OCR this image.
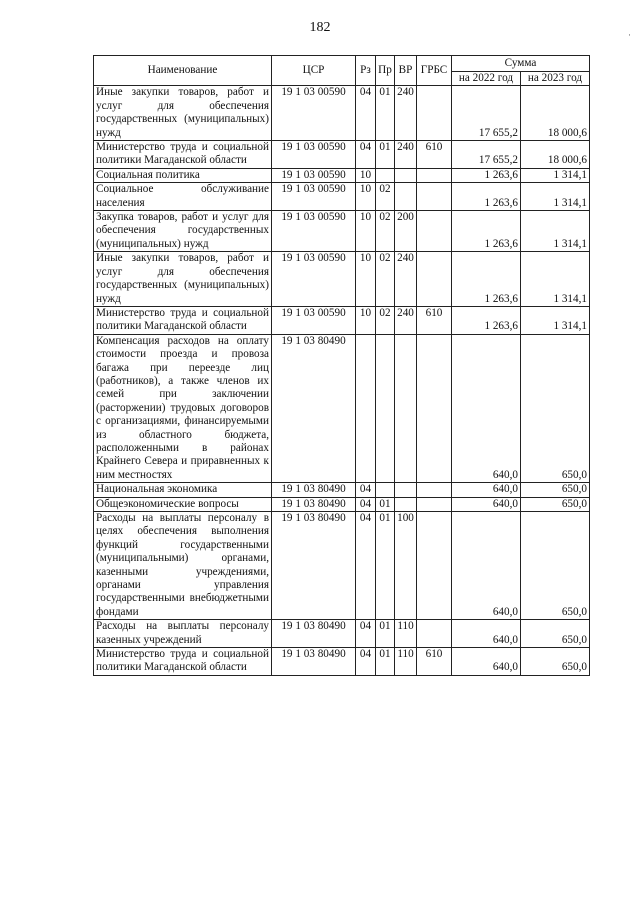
182	·
Наименование	ЦСР	Рз	Пр	ВР	ГРБС	Сумма	
						на 2022 год	на 2023 год
Иные закупки товаров, работ и услуг для обеспечения государственных (муниципальных) нужд	19 1 03 00590	04	01	240		17 655,2	18 000,6
Министерство труда и социальной политики Магаданской области	19 1 03 00590	04	01	240	610	17 655,2	18 000,6
Социальная политика	19 1 03 00590	10				1 263,6	1 314,1
Социальное обслуживание населения	19 1 03 00590	10	02			1 263,6	1 314,1
Закупка товаров, работ и услуг для обеспечения государственных (муниципальных) нужд	19 1 03 00590	10	02	200		1 263,6	1 314,1
Иные закупки товаров, работ и услуг для обеспечения государственных (муниципальных) нужд	19 1 03 00590	10	02	240		1 263,6	1 314,1
Министерство труда и социальной политики Магаданской области	19 1 03 00590	10	02	240	610	1 263,6	1 314,1
Компенсация расходов на оплату стоимости проезда и провоза багажа при переезде лиц (работников), а также членов их семей при заключении (расторжении) трудовых договоров с организациями, финансируемыми из областного бюджета, расположенными в районах Крайнего Севера и приравненных к ним местностях	19 1 03 80490					640,0	650,0
Национальная экономика	19 1 03 80490	04				640,0	650,0
Общеэкономические вопросы	19 1 03 80490	04	01			640,0	650,0
Расходы на выплаты персоналу в целях обеспечения выполнения функций государственными (муниципальными) органами, казенными учреждениями, органами управления государственными внебюджетными фондами	19 1 03 80490	04	01	100		640,0	650,0
Расходы на выплаты персоналу казенных учреждений	19 1 03 80490	04	01	110		640,0	650,0
Министерство труда и социальной политики Магаданской области	19 1 03 80490	04	01	110	610	640,0	650,0
